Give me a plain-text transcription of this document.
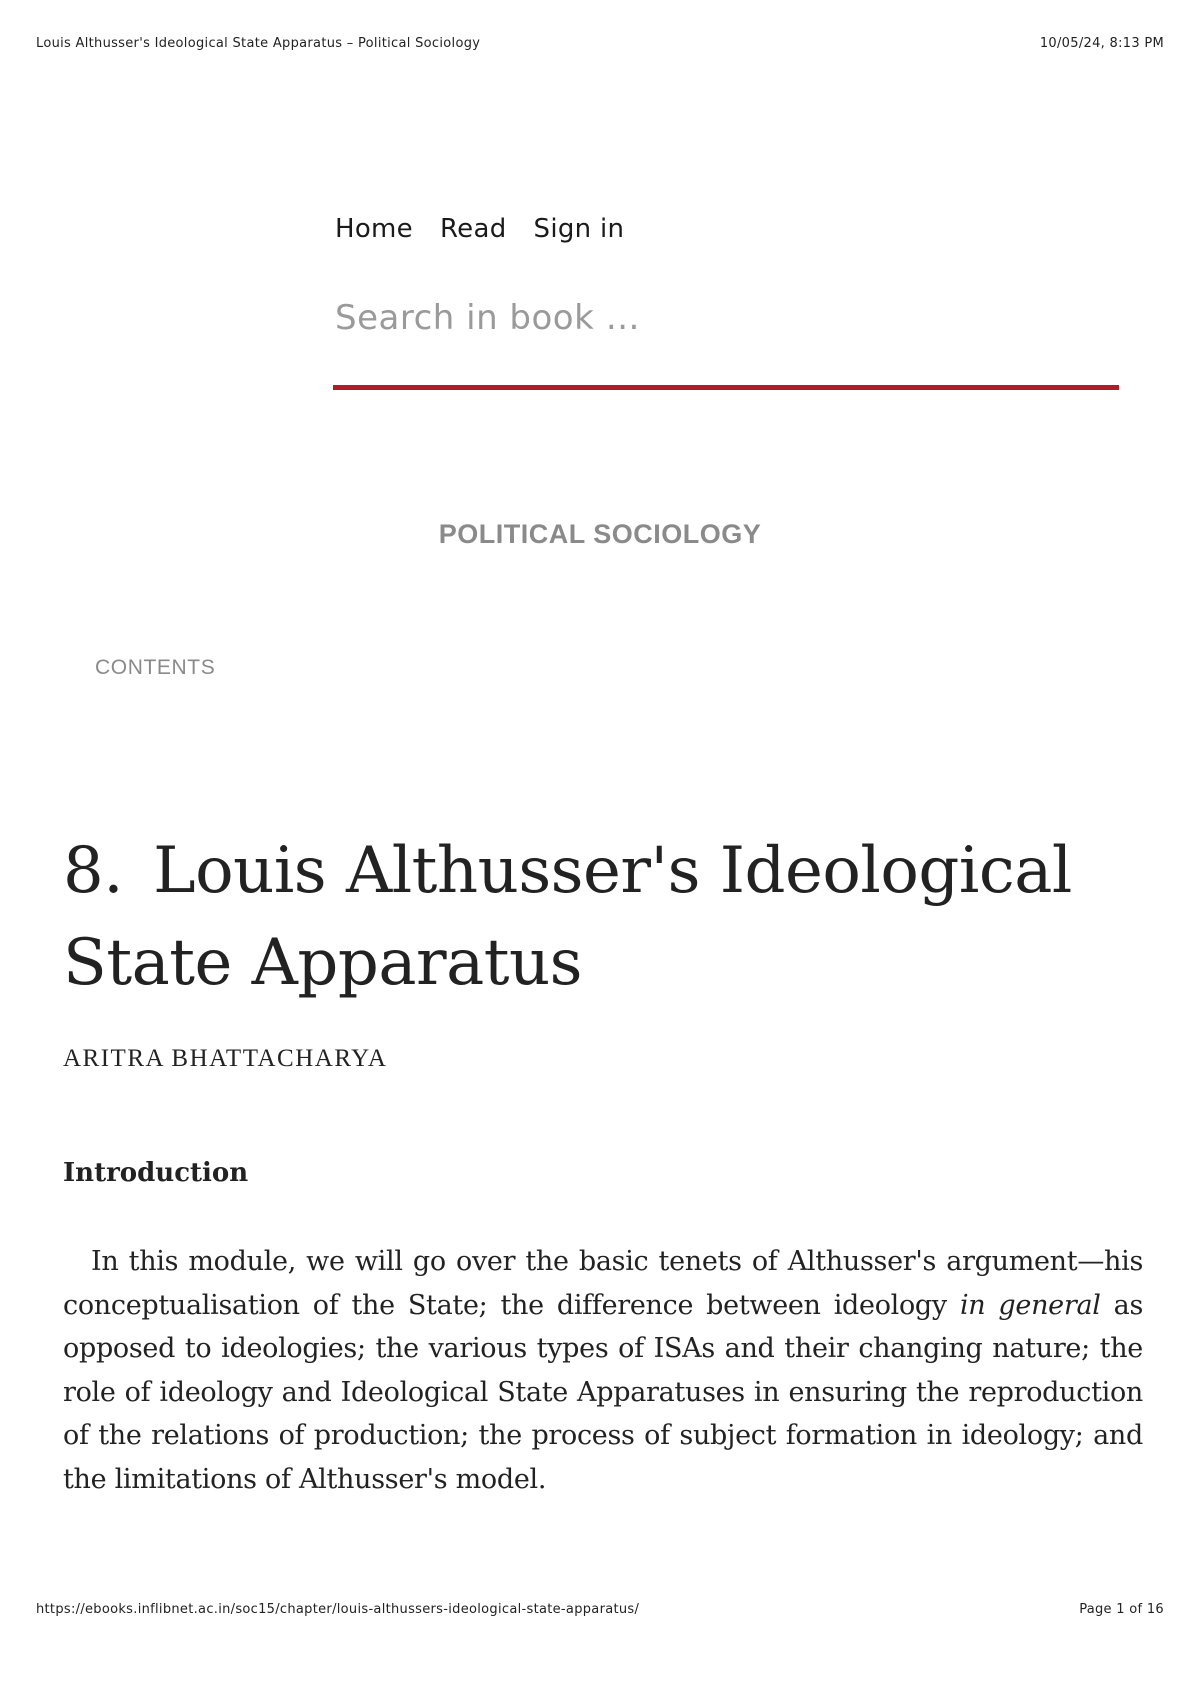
Louis Althusser's Ideological State Apparatus – Political Sociology	10/05/24, 8:13 PM
Home Read Sign in
Search in book …
POLITICAL SOCIOLOGY
CONTENTS
8. Louis Althusser's Ideological
State Apparatus
ARITRA BHATTACHARYA
Introduction

In this module, we will go over the basic tenets of Althusser's argument—his conceptualisation of the State; the difference between ideology in general as opposed to ideologies; the various types of ISAs and their changing nature; the role of ideology and Ideological State Apparatuses in ensuring the reproduction of the relations of production; the process of subject formation in ideology; and the limitations of Althusser's model.

https://ebooks.inflibnet.ac.in/soc15/chapter/louis-althussers-ideological-state-apparatus/	Page 1 of 16
